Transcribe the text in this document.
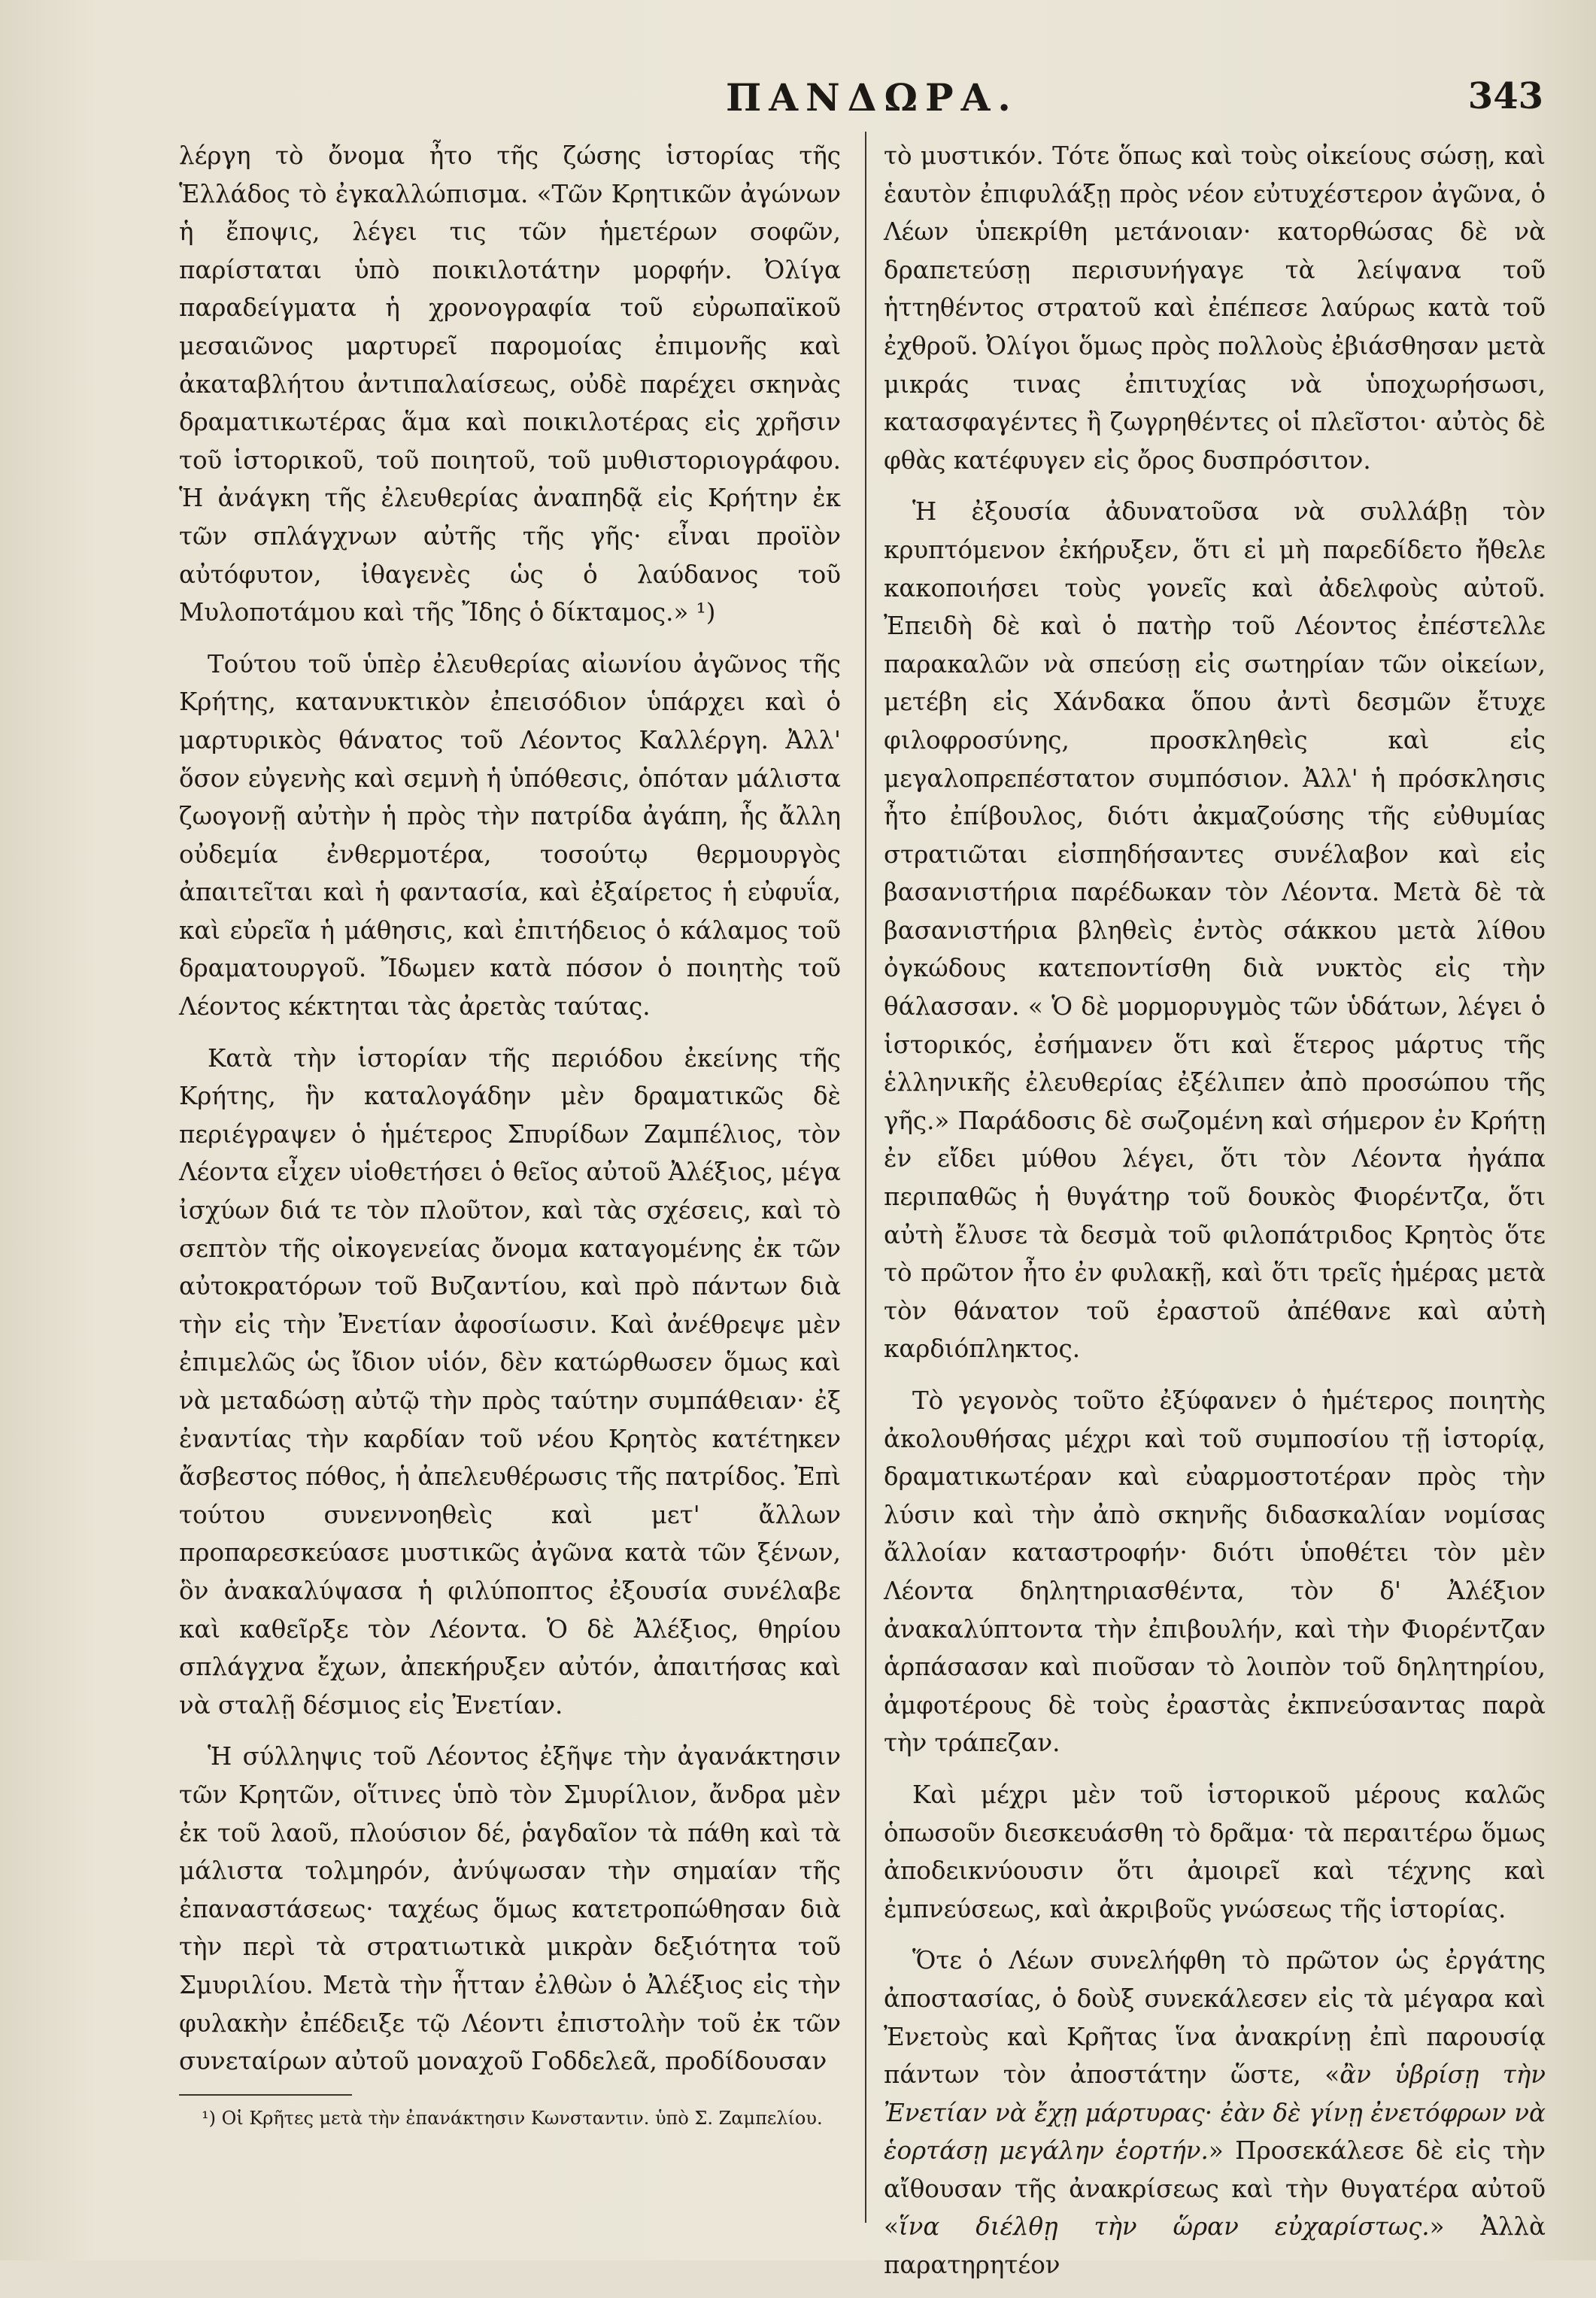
ΠΑΝΔΩΡΑ.	343

λέργη τὸ ὄνομα ἦτο τῆς ζώσης ἱστορίας τῆς Ἑλλάδος τὸ ἐγκαλλώπισμα. «Τῶν Κρητικῶν ἀγώνων ἡ ἔποψις, λέγει τις τῶν ἡμετέρων σοφῶν, παρίσταται ὑπὸ ποικιλοτάτην μορφήν. Ὀλίγα παραδείγματα ἡ χρονογραφία τοῦ εὐρωπαϊκοῦ μεσαιῶνος μαρτυρεῖ παρομοίας ἐπιμονῆς καὶ ἀκαταβλήτου ἀντιπαλαίσεως, οὐδὲ παρέχει σκηνὰς δραματικωτέρας ἅμα καὶ ποικιλοτέρας εἰς χρῆσιν τοῦ ἱστορικοῦ, τοῦ ποιητοῦ, τοῦ μυθιστοριογράφου. Ἡ ἀνάγκη τῆς ἐλευθερίας ἀναπηδᾷ εἰς Κρήτην ἐκ τῶν σπλάγχνων αὐτῆς τῆς γῆς· εἶναι προϊὸν αὐτόφυτον, ἰθαγενὲς ὡς ὁ λαύδανος τοῦ Μυλοποτάμου καὶ τῆς Ἴδης ὁ δίκταμος.» ¹)

Τούτου τοῦ ὑπὲρ ἐλευθερίας αἰωνίου ἀγῶνος τῆς Κρήτης, κατανυκτικὸν ἐπεισόδιον ὑπάρχει καὶ ὁ μαρτυρικὸς θάνατος τοῦ Λέοντος Καλλέργη. Ἀλλ' ὅσον εὐγενὴς καὶ σεμνὴ ἡ ὑπόθεσις, ὁπόταν μάλιστα ζωογονῇ αὐτὴν ἡ πρὸς τὴν πατρίδα ἀγάπη, ἧς ἄλλη οὐδεμία ἐνθερμοτέρα, τοσούτῳ θερμουργὸς ἀπαιτεῖται καὶ ἡ φαντασία, καὶ ἐξαίρετος ἡ εὐφυΐα, καὶ εὐρεῖα ἡ μάθησις, καὶ ἐπιτήδειος ὁ κάλαμος τοῦ δραματουργοῦ. Ἴδωμεν κατὰ πόσον ὁ ποιητὴς τοῦ Λέοντος κέκτηται τὰς ἀρετὰς ταύτας.

Κατὰ τὴν ἱστορίαν τῆς περιόδου ἐκείνης τῆς Κρήτης, ἣν καταλογάδην μὲν δραματικῶς δὲ περιέγραψεν ὁ ἡμέτερος Σπυρίδων Ζαμπέλιος, τὸν Λέοντα εἶχεν υἱοθετήσει ὁ θεῖος αὐτοῦ Ἀλέξιος, μέγα ἰσχύων διά τε τὸν πλοῦτον, καὶ τὰς σχέσεις, καὶ τὸ σεπτὸν τῆς οἰκογενείας ὄνομα καταγομένης ἐκ τῶν αὐτοκρατόρων τοῦ Βυζαντίου, καὶ πρὸ πάντων διὰ τὴν εἰς τὴν Ἐνετίαν ἀφοσίωσιν. Καὶ ἀνέθρεψε μὲν ἐπιμελῶς ὡς ἴδιον υἱόν, δὲν κατώρθωσεν ὅμως καὶ νὰ μεταδώσῃ αὐτῷ τὴν πρὸς ταύτην συμπάθειαν· ἐξ ἐναντίας τὴν καρδίαν τοῦ νέου Κρητὸς κατέτηκεν ἄσβεστος πόθος, ἡ ἀπελευθέρωσις τῆς πατρίδος. Ἐπὶ τούτου συνεννοηθεὶς καὶ μετ' ἄλλων προπαρεσκεύασε μυστικῶς ἀγῶνα κατὰ τῶν ξένων, ὃν ἀνακαλύψασα ἡ φιλύποπτος ἐξουσία συνέλαβε καὶ καθεῖρξε τὸν Λέοντα. Ὁ δὲ Ἀλέξιος, θηρίου σπλάγχνα ἔχων, ἀπεκήρυξεν αὐτόν, ἀπαιτήσας καὶ νὰ σταλῇ δέσμιος εἰς Ἐνετίαν.

Ἡ σύλληψις τοῦ Λέοντος ἐξῆψε τὴν ἀγανάκτησιν τῶν Κρητῶν, οἵτινες ὑπὸ τὸν Σμυρίλιον, ἄνδρα μὲν ἐκ τοῦ λαοῦ, πλούσιον δέ, ῥαγδαῖον τὰ πάθη καὶ τὰ μάλιστα τολμηρόν, ἀνύψωσαν τὴν σημαίαν τῆς ἐπαναστάσεως· ταχέως ὅμως κατετροπώθησαν διὰ τὴν περὶ τὰ στρατιωτικὰ μικρὰν δεξιότητα τοῦ Σμυριλίου. Μετὰ τὴν ἧτταν ἐλθὼν ὁ Ἀλέξιος εἰς τὴν φυλακὴν ἐπέδειξε τῷ Λέοντι ἐπιστολὴν τοῦ ἐκ τῶν συνεταίρων αὐτοῦ μοναχοῦ Γοδδελεᾶ, προδίδουσαν

¹) Οἱ Κρῆτες μετὰ τὴν ἐπανάκτησιν Κωνσταντιν. ὑπὸ Σ. Ζαμπελίου.

τὸ μυστικόν. Τότε ὅπως καὶ τοὺς οἰκείους σώσῃ, καὶ ἑαυτὸν ἐπιφυλάξῃ πρὸς νέον εὐτυχέστερον ἀγῶνα, ὁ Λέων ὑπεκρίθη μετάνοιαν· κατορθώσας δὲ νὰ δραπετεύσῃ περισυνήγαγε τὰ λείψανα τοῦ ἡττηθέντος στρατοῦ καὶ ἐπέπεσε λαύρως κατὰ τοῦ ἐχθροῦ. Ὀλίγοι ὅμως πρὸς πολλοὺς ἐβιάσθησαν μετὰ μικράς τινας ἐπιτυχίας νὰ ὑποχωρήσωσι, κατασφαγέντες ἢ ζωγρηθέντες οἱ πλεῖστοι· αὐτὸς δὲ φθὰς κατέφυγεν εἰς ὄρος δυσπρόσιτον.

Ἡ ἐξουσία ἀδυνατοῦσα νὰ συλλάβῃ τὸν κρυπτόμενον ἐκήρυξεν, ὅτι εἰ μὴ παρεδίδετο ἤθελε κακοποιήσει τοὺς γονεῖς καὶ ἀδελφοὺς αὐτοῦ. Ἐπειδὴ δὲ καὶ ὁ πατὴρ τοῦ Λέοντος ἐπέστελλε παρακαλῶν νὰ σπεύσῃ εἰς σωτηρίαν τῶν οἰκείων, μετέβη εἰς Χάνδακα ὅπου ἀντὶ δεσμῶν ἔτυχε φιλοφροσύνης, προσκληθεὶς καὶ εἰς μεγαλοπρεπέστατον συμπόσιον. Ἀλλ' ἡ πρόσκλησις ἦτο ἐπίβουλος, διότι ἀκμαζούσης τῆς εὐθυμίας στρατιῶται εἰσπηδήσαντες συνέλαβον καὶ εἰς βασανιστήρια παρέδωκαν τὸν Λέοντα. Μετὰ δὲ τὰ βασανιστήρια βληθεὶς ἐντὸς σάκκου μετὰ λίθου ὀγκώδους κατεποντίσθη διὰ νυκτὸς εἰς τὴν θάλασσαν. « Ὁ δὲ μορμορυγμὸς τῶν ὑδάτων, λέγει ὁ ἱστορικός, ἐσήμανεν ὅτι καὶ ἕτερος μάρτυς τῆς ἑλληνικῆς ἐλευθερίας ἐξέλιπεν ἀπὸ προσώπου τῆς γῆς.» Παράδοσις δὲ σωζομένη καὶ σήμερον ἐν Κρήτῃ ἐν εἴδει μύθου λέγει, ὅτι τὸν Λέοντα ἠγάπα περιπαθῶς ἡ θυγάτηρ τοῦ δουκὸς Φιορέντζα, ὅτι αὐτὴ ἔλυσε τὰ δεσμὰ τοῦ φιλοπάτριδος Κρητὸς ὅτε τὸ πρῶτον ἦτο ἐν φυλακῇ, καὶ ὅτι τρεῖς ἡμέρας μετὰ τὸν θάνατον τοῦ ἐραστοῦ ἀπέθανε καὶ αὐτὴ καρδιόπληκτος.

Τὸ γεγονὸς τοῦτο ἐξύφανεν ὁ ἡμέτερος ποιητὴς ἀκολουθήσας μέχρι καὶ τοῦ συμποσίου τῇ ἱστορίᾳ, δραματικωτέραν καὶ εὐαρμοστοτέραν πρὸς τὴν λύσιν καὶ τὴν ἀπὸ σκηνῆς διδασκαλίαν νομίσας ἄλλοίαν καταστροφήν· διότι ὑποθέτει τὸν μὲν Λέοντα δηλητηριασθέντα, τὸν δ' Ἀλέξιον ἀνακαλύπτοντα τὴν ἐπιβουλήν, καὶ τὴν Φιορέντζαν ἁρπάσασαν καὶ πιοῦσαν τὸ λοιπὸν τοῦ δηλητηρίου, ἀμφοτέρους δὲ τοὺς ἐραστὰς ἐκπνεύσαντας παρὰ τὴν τράπεζαν.

Καὶ μέχρι μὲν τοῦ ἱστορικοῦ μέρους καλῶς ὁπωσοῦν διεσκευάσθη τὸ δρᾶμα· τὰ περαιτέρω ὅμως ἀποδεικνύουσιν ὅτι ἀμοιρεῖ καὶ τέχνης καὶ ἐμπνεύσεως, καὶ ἀκριβοῦς γνώσεως τῆς ἱστορίας.

Ὅτε ὁ Λέων συνελήφθη τὸ πρῶτον ὡς ἐργάτης ἀποστασίας, ὁ δοὺξ συνεκάλεσεν εἰς τὰ μέγαρα καὶ Ἐνετοὺς καὶ Κρῆτας ἵνα ἀνακρίνῃ ἐπὶ παρουσίᾳ πάντων τὸν ἀποστάτην ὥστε, «ἂν ὑβρίσῃ τὴν Ἐνετίαν νὰ ἔχῃ μάρτυρας· ἐὰν δὲ γίνῃ ἐνετόφρων νὰ ἑορτάσῃ μεγάλην ἑορτήν.» Προσεκάλεσε δὲ εἰς τὴν αἴθουσαν τῆς ἀνακρίσεως καὶ τὴν θυγατέρα αὐτοῦ «ἵνα διέλθῃ τὴν ὥραν εὐχαρίστως.» Ἀλλὰ παρατηρητέον
